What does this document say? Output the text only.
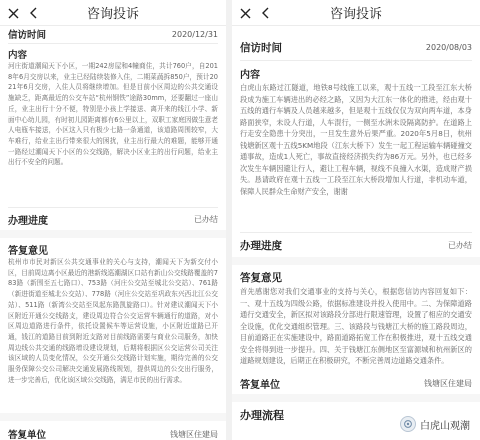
咨询投诉
信访时间	2020/12/31
内容
河庄街道潮闻天下小区，一期242房屋和4幢商住，共计760户，自2018年6月交房以来，业主已经陆续装修入住，二期菜蔬拆850户，预计2021年6月交房，入住人员将继续增加。但是目前小区周边的公共交通设施缺乏，距离最近的公交车站“杭州钢铁”途路30mm，还要翻过一座山丘，业主出行十分不便，特别是小孩上学接送、离开来的线江小学、新面中心幼儿园，有时初儿园距离都有6公里以上，双职工家庭因做生意老人电瓶车接送，小区这入只有极少七路一条通道，该道路周围较窄，大车难行，给业主出行带来很大的困扰，业主出行最大的难题，能够开通一路经过潮闻天下小区的公交线路，解决小区业主的出行问题，给业主出行不安全的问题。
办理进度	已办结
答复意见
杭州市市民对新区公共交通事业的关心与支持，潮闻天下为新交付小区，目前周边离小区最近的港新线巡潮湖区口站有新山公交线路覆盖的783路（新围至五七路口）、753路（河庄公交站至城北公交站）、761路（新进街道至城北公交站）、778路（河庄公交站至巩政东兴西北江公交站）、511路（新湾公交站至凤起东路凯旋路口）。针对建议潮闻天下小区附近开通公交线路支，建设周边符合公交运营车辆通行的道路，对小区周边道路进行条件，依托设置候车等运营设施，小区附近道路已开通，钱江的道路目前到附近支路对目前线路需要与商业公司服务，加快周边线公共交通的线路增设建设规划，后期将根据区公交运营公司关注该区域的人员变化情况，公交开通公交线路计划实施，期待完善的公交服务保障公交公司解决交通发展路线规划，提供周边的公交出行服务，进一步完善后，优化该区域公交线路，满足市民的出行需求。
答复单位	钱塘区住建局
咨询投诉
信访时间	2020/08/03
内容
白虎山东路过江隧道，地铁8号线施工以来，观十五线一工段至江东大桥段成为施工车辆进出的必经之路，又因为大江东一体化的推进，经由观十五线的通行车辆及人员越来越多，但是观十五线仅仅为双向两车道，本身路面狭窄，未设人行道，人车混行，一侧至水洲未设隔离防护。在道路上行走安全隐患十分突出，一旦发生意外后果严重。2020年5月8日，杭州钱塘新区观十五线5KM地段（江东大桥下）发生一起工程运输车辆碰撞交通事故，造成1人死亡，事故直接经济损失约为86万元。另外，也已经多次发生车辆因避让行人，避让工程车辆，视线不良撞入水渠，造成财产损失。恳请政府在观十五线一工段至江东大桥段增加人行道，非机动车道，保障人民群众生命财产安全，谢谢
办理进度	已办结
答复意见
首先感谢您对我们交通事业的支持与关心，根据您信访内容回复如下：一、观十五线为四级公路，依据标准建设并投入使用中。二、为保障道路通行交通安全，新区拟对该路段分部进行限速管理，设置了相应的交通安全设施，优化交通组织管理。三、该路段与钱塘江大桥的施工路段周边，目前道路正在实施建设中，路面道路拓宽工作在积极推进，观十五线交通安全将得到进一步提升。四、关于钱塘江东侧地区至富源城和杭州新区的道路规划建设，后期正在积极研究，不断完善周边道路交通条件。
答复单位	钱塘区住建局
办理流程
白虎山观潮
